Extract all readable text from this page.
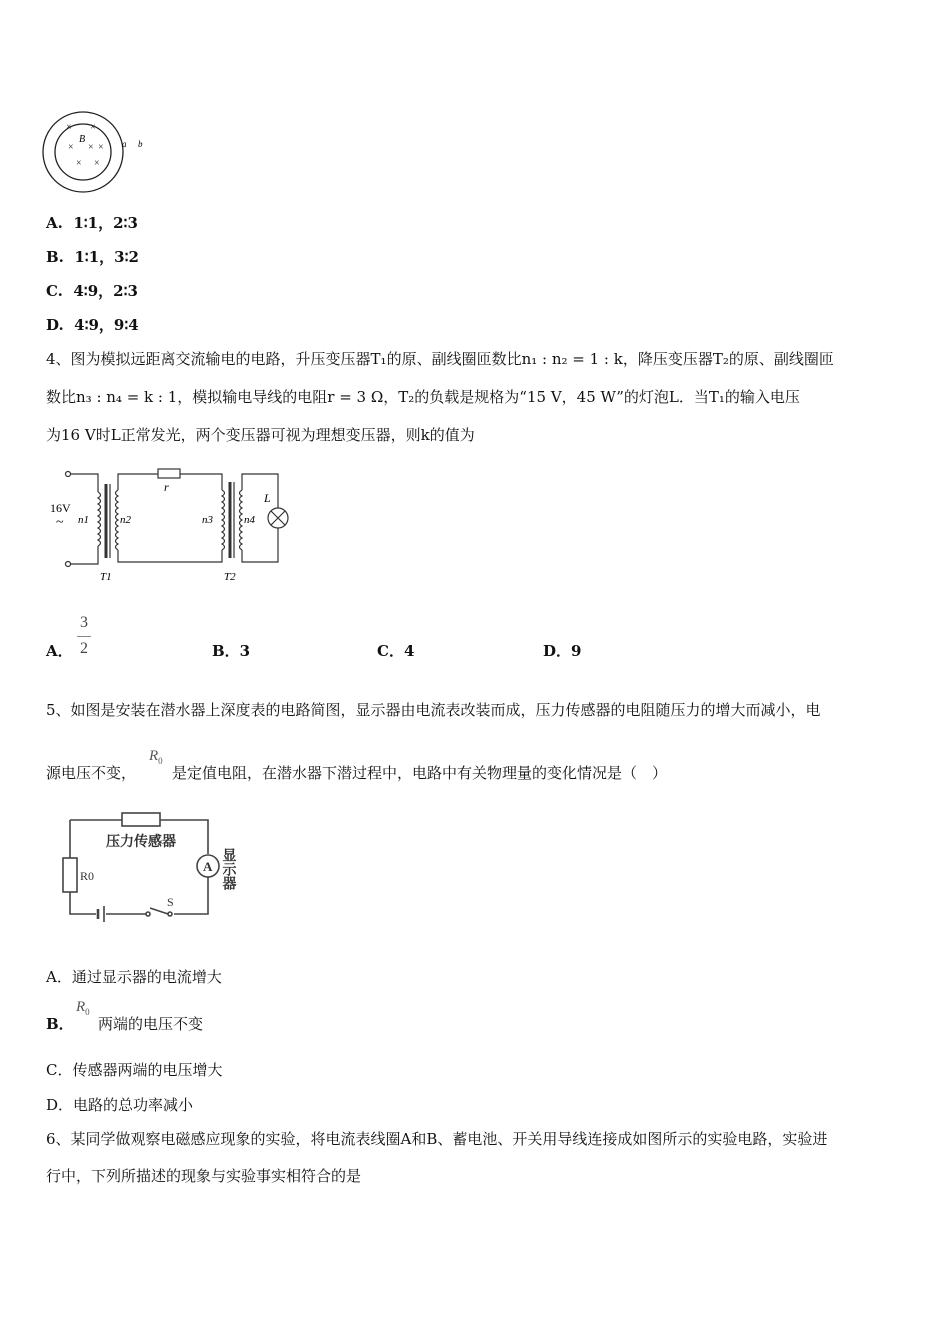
× ×
× × ×
× ×
B	a b
A. 1∶1，2∶3
B. 1∶1，3∶2
C. 4∶9，2∶3
D. 4∶9，9∶4
4、图为模拟远距离交流输电的电路，升压变压器T₁的原、副线圈匝数比n₁ : n₂ = 1 : k，降压变压器T₂的原、副线圈匝
数比n₃ : n₄ = k : 1，模拟输电导线的电阻r = 3 Ω，T₂的负载是规格为“15 V，45 W”的灯泡L．当T₁的输入电压
为16 V时L正常发光，两个变压器可视为理想变压器，则k的值为
16V
~ n1	n2
r
n3	n4
L
T1	T2
A．
3
2	B．3	C．4	D．9
5、如图是安装在潜水器上深度表的电路简图，显示器由电流表改装而成，压力传感器的电阻随压力的增大而减小，电
源电压不变，
$R_0$
是定值电阻，在潜水器下潜过程中，电路中有关物理量的变化情况是（　）
压力传感器
R0
A
S
显示器
A．通过显示器的电流增大
B．
$R_0$
两端的电压不变
C．传感器两端的电压增大
D．电路的总功率减小
6、某同学做观察电磁感应现象的实验，将电流表线圈A和B、蓄电池、开关用导线连接成如图所示的实验电路，实验进
行中，下列所描述的现象与实验事实相符合的是
